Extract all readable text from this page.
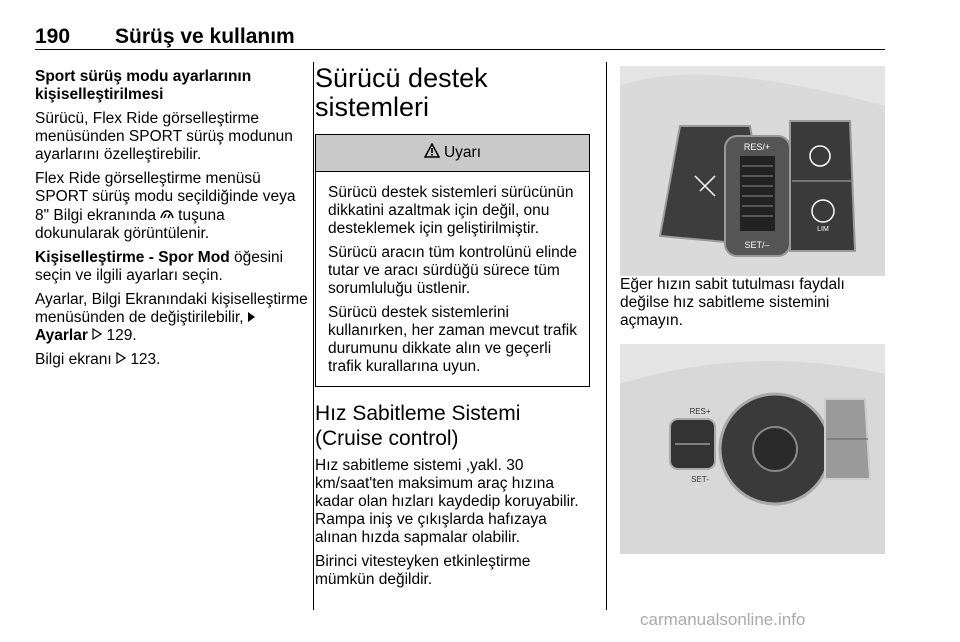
190 Sürüş ve kullanım

Sport sürüş modu ayarlarının
kişiselleştirilmesi

Sürücü, Flex Ride görselleştirme menüsünden SPORT sürüş modunun ayarlarını özelleştirebilir.

Flex Ride görselleştirme menüsü SPORT sürüş modu seçildiğinde veya 8" Bilgi ekranında tuşuna dokunularak görüntülenir.

Kişiselleştirme - Spor Mod öğesini seçin ve ilgili ayarları seçin.

Ayarlar, Bilgi Ekranındaki kişiselleştirme menüsünden de değiştirilebilir,  Ayarlar 129.

Bilgi ekranı 123.

Sürücü destek
sistemleri
Uyarı

Sürücü destek sistemleri sürücünün dikkatini azaltmak için değil, onu desteklemek için geliştirilmiştir.

Sürücü aracın tüm kontrolünü elinde tutar ve aracı sürdüğü sürece tüm sorumluluğu üstlenir.

Sürücü destek sistemlerini kullanırken, her zaman mevcut trafik durumunu dikkate alın ve geçerli trafik kurallarına uyun.

Hız Sabitleme Sistemi
(Cruise control)

Hız sabitleme sistemi ,yakl. 30 km/saat'ten maksimum araç hızına kadar olan hızları kaydedip koruyabilir. Rampa iniş ve çıkışlarda hafızaya alınan hızda sapmalar olabilir.

Birinci vitesteyken etkinleştirme mümkün değildir.

RES/+
SET/–
LIM

Eğer hızın sabit tutulması faydalı değilse hız sabitleme sistemini açmayın.

RES+
SET-
carmanualsonline.info
